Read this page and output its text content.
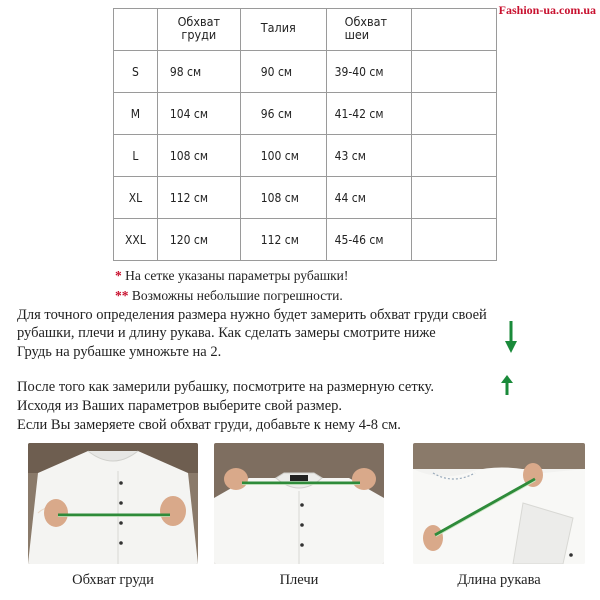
Fashion-ua.com.ua
	Обхват груди	Талия	Обхват шеи	
S	98 см	90 см	39-40 см	
M	104 см	96 см	41-42 см	
L	108 см	100 см	43 см	
XL	112 см	108 см	44 см	
XXL	120 см	112 см	45-46 см	
* На сетке указаны параметры рубашки!
** Возможны небольшие погрешности.
Для точного определения размера нужно будет замерить обхват груди своей
рубашки, плечи и длину рукава. Как сделать замеры смотрите ниже
Грудь на рубашке умножьте на 2.
После того как замерили рубашку, посмотрите на размерную сетку.
Исходя из Ваших параметров выберите свой размер.
Если Вы замеряете свой обхват груди, добавьте к нему 4-8 см.
Обхват груди	Плечи	Длина рукава
